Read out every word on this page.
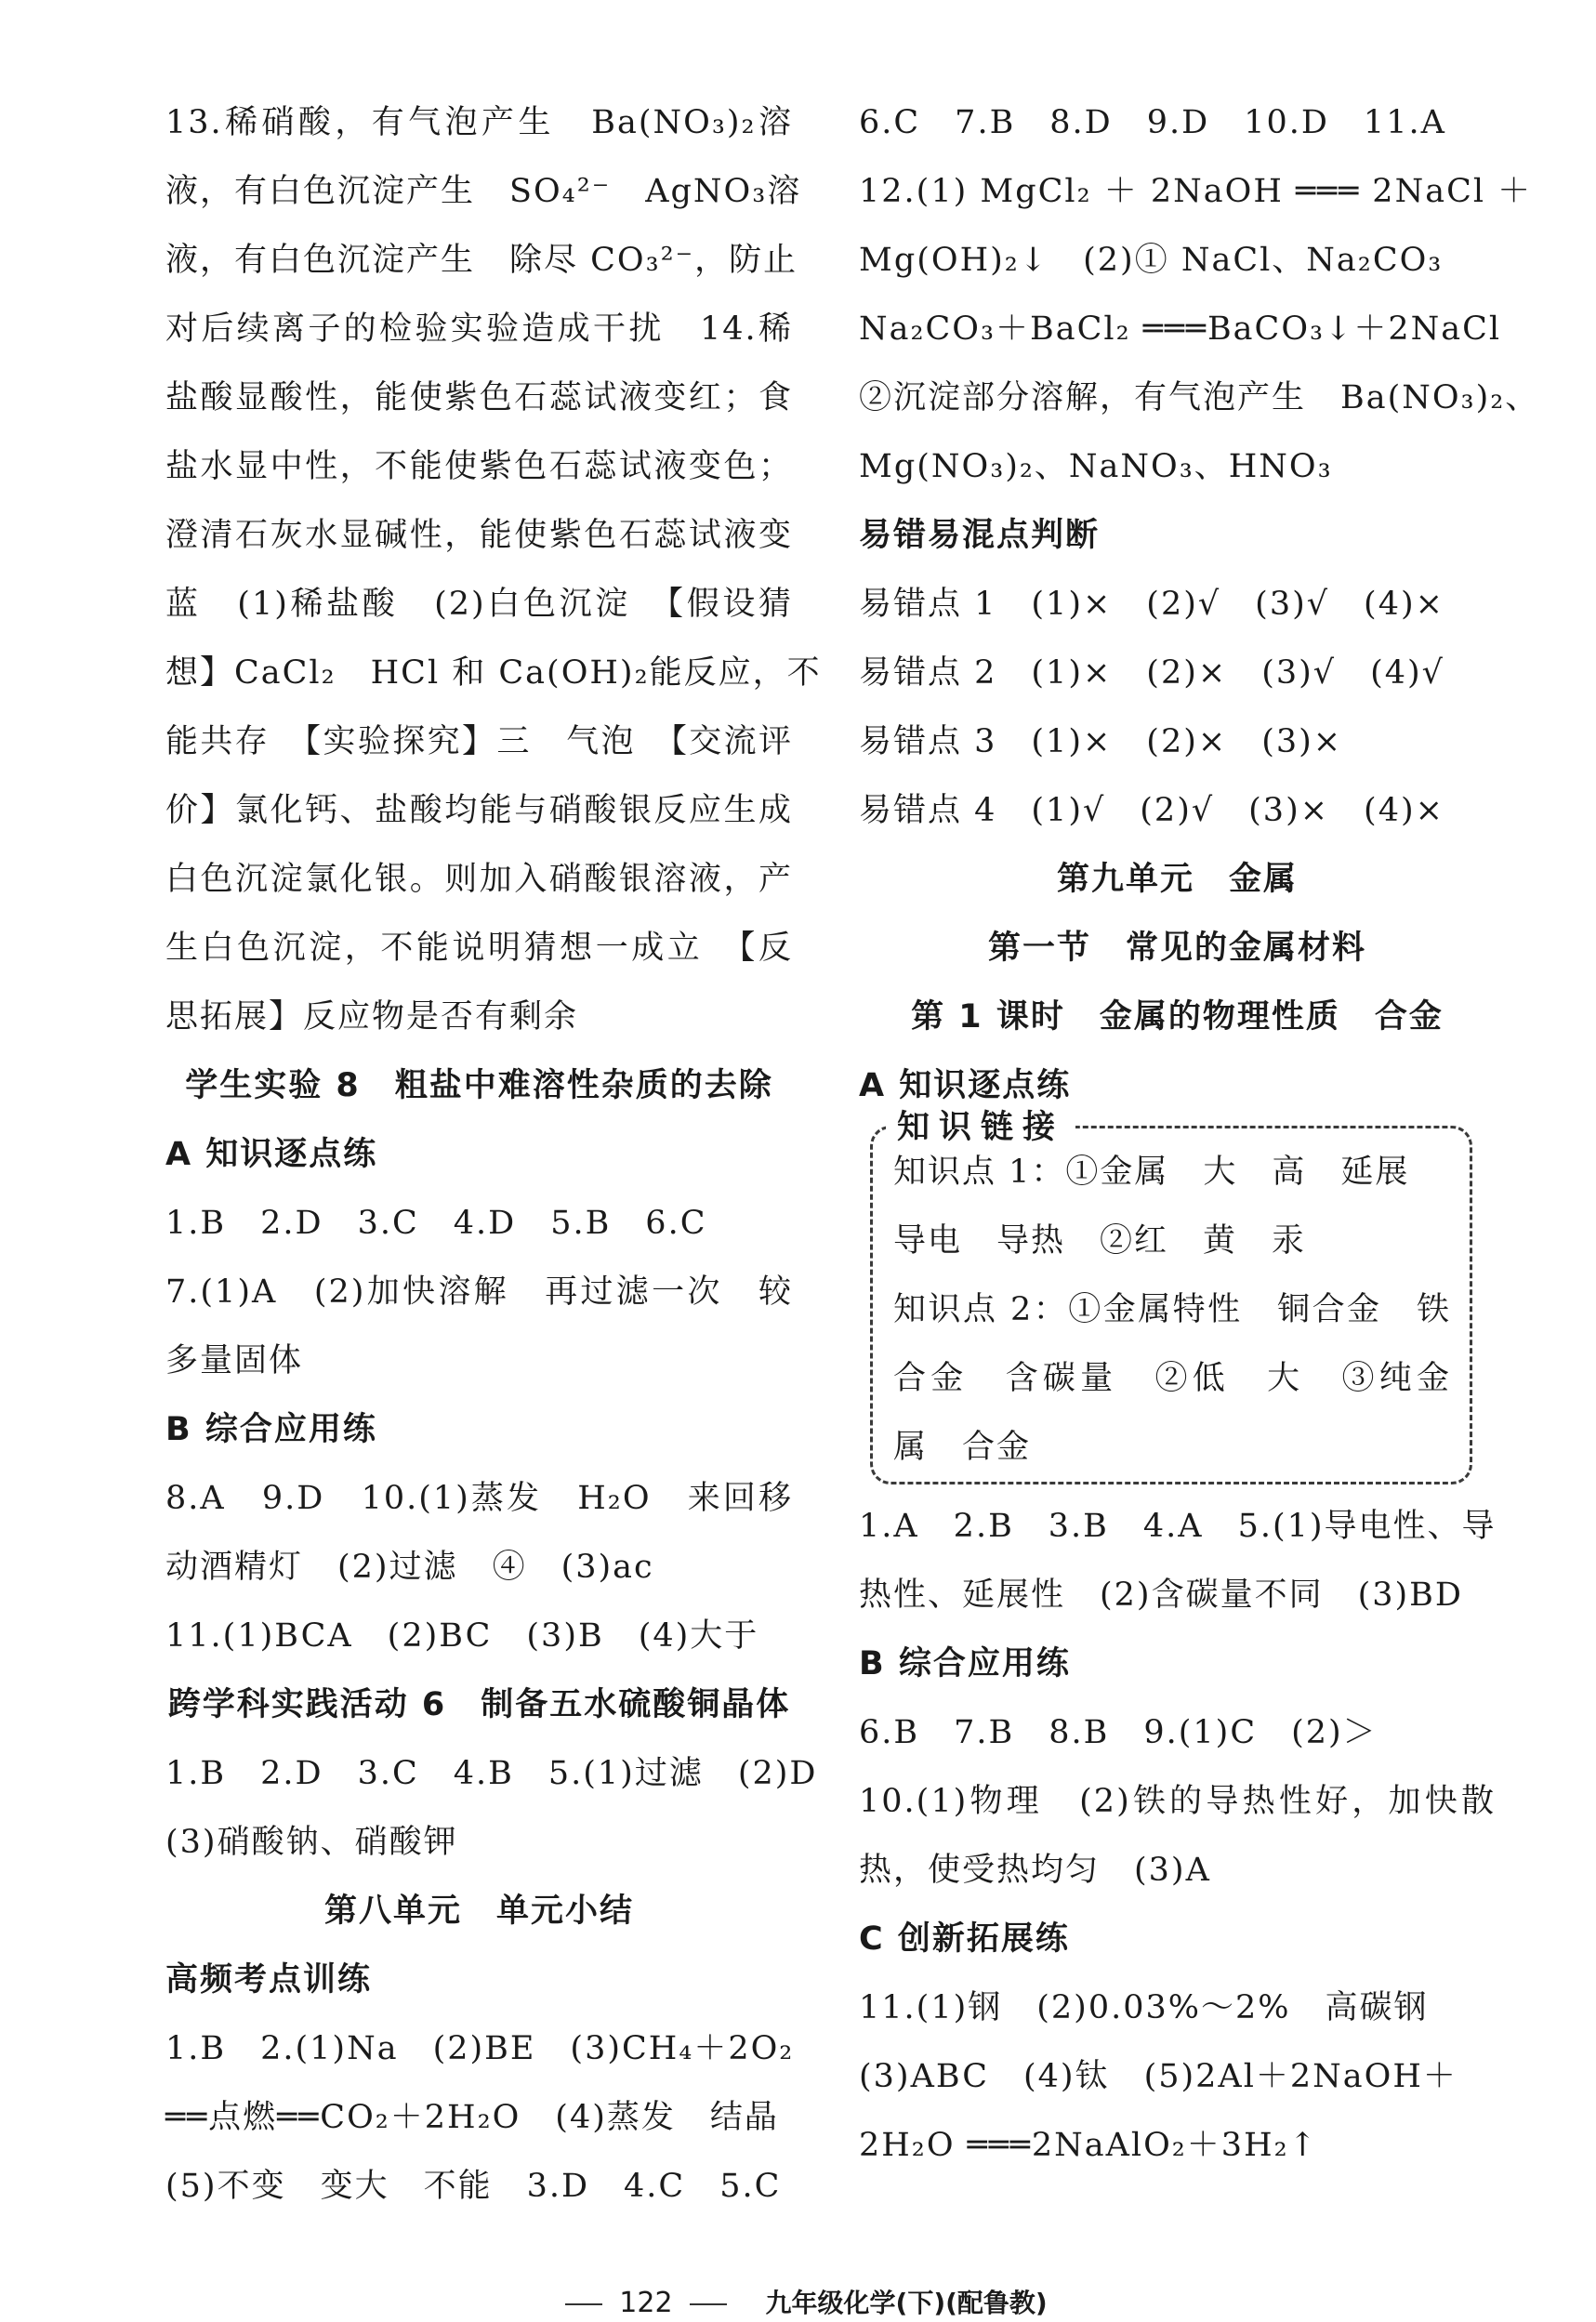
13.稀硝酸，有气泡产生　Ba(NO₃)₂溶
液，有白色沉淀产生　SO₄²⁻　AgNO₃溶
液，有白色沉淀产生　除尽 CO₃²⁻，防止
对后续离子的检验实验造成干扰　14.稀
盐酸显酸性，能使紫色石蕊试液变红；食
盐水显中性，不能使紫色石蕊试液变色；
澄清石灰水显碱性，能使紫色石蕊试液变
蓝　(1)稀盐酸　(2)白色沉淀　【假设猜
想】CaCl₂　HCl 和 Ca(OH)₂能反应，不
能共存　【实验探究】三　气泡　【交流评
价】氯化钙、盐酸均能与硝酸银反应生成
白色沉淀氯化银。则加入硝酸银溶液，产
生白色沉淀，不能说明猜想一成立　【反
思拓展】反应物是否有剩余
学生实验 8　粗盐中难溶性杂质的去除
A 知识逐点练
1.B　2.D　3.C　4.D　5.B　6.C
7.(1)A　(2)加快溶解　再过滤一次　较
多量固体
B 综合应用练
8.A　9.D　10.(1)蒸发　H₂O　来回移
动酒精灯　(2)过滤　④　(3)ac
11.(1)BCA　(2)BC　(3)B　(4)大于
跨学科实践活动 6　制备五水硫酸铜晶体
1.B　2.D　3.C　4.B　5.(1)过滤　(2)D
(3)硝酸钠、硝酸钾
第八单元　单元小结
高频考点训练
1.B　2.(1)Na　(2)BE　(3)CH₄＋2O₂
══点燃══CO₂＋2H₂O　(4)蒸发　结晶
(5)不变　变大　不能　3.D　4.C　5.C
6.C　7.B　8.D　9.D　10.D　11.A
12.(1) MgCl₂ ＋ 2NaOH ═══ 2NaCl ＋
Mg(OH)₂↓　(2)① NaCl、Na₂CO₃
Na₂CO₃＋BaCl₂ ═══BaCO₃↓＋2NaCl
②沉淀部分溶解，有气泡产生　Ba(NO₃)₂、
Mg(NO₃)₂、NaNO₃、HNO₃
易错易混点判断
易错点 1　(1)×　(2)√　(3)√　(4)×
易错点 2　(1)×　(2)×　(3)√　(4)√
易错点 3　(1)×　(2)×　(3)×
易错点 4　(1)√　(2)√　(3)×　(4)×
第九单元　金属
第一节　常见的金属材料
第 1 课时　金属的物理性质　合金
A 知识逐点练
知识链接
知识点 1：①金属　大　高　延展
导电　导热　②红　黄　汞
知识点 2：①金属特性　铜合金　铁
合金　含碳量　②低　大　③纯金
属　合金
1.A　2.B　3.B　4.A　5.(1)导电性、导
热性、延展性　(2)含碳量不同　(3)BD
B 综合应用练
6.B　7.B　8.B　9.(1)C　(2)＞
10.(1)物理　(2)铁的导热性好，加快散
热，使受热均匀　(3)A
C 创新拓展练
11.(1)钢　(2)0.03%～2%　高碳钢
(3)ABC　(4)钛　(5)2Al＋2NaOH＋
2H₂O ═══2NaAlO₂＋3H₂↑
122	九年级化学(下)(配鲁教)
